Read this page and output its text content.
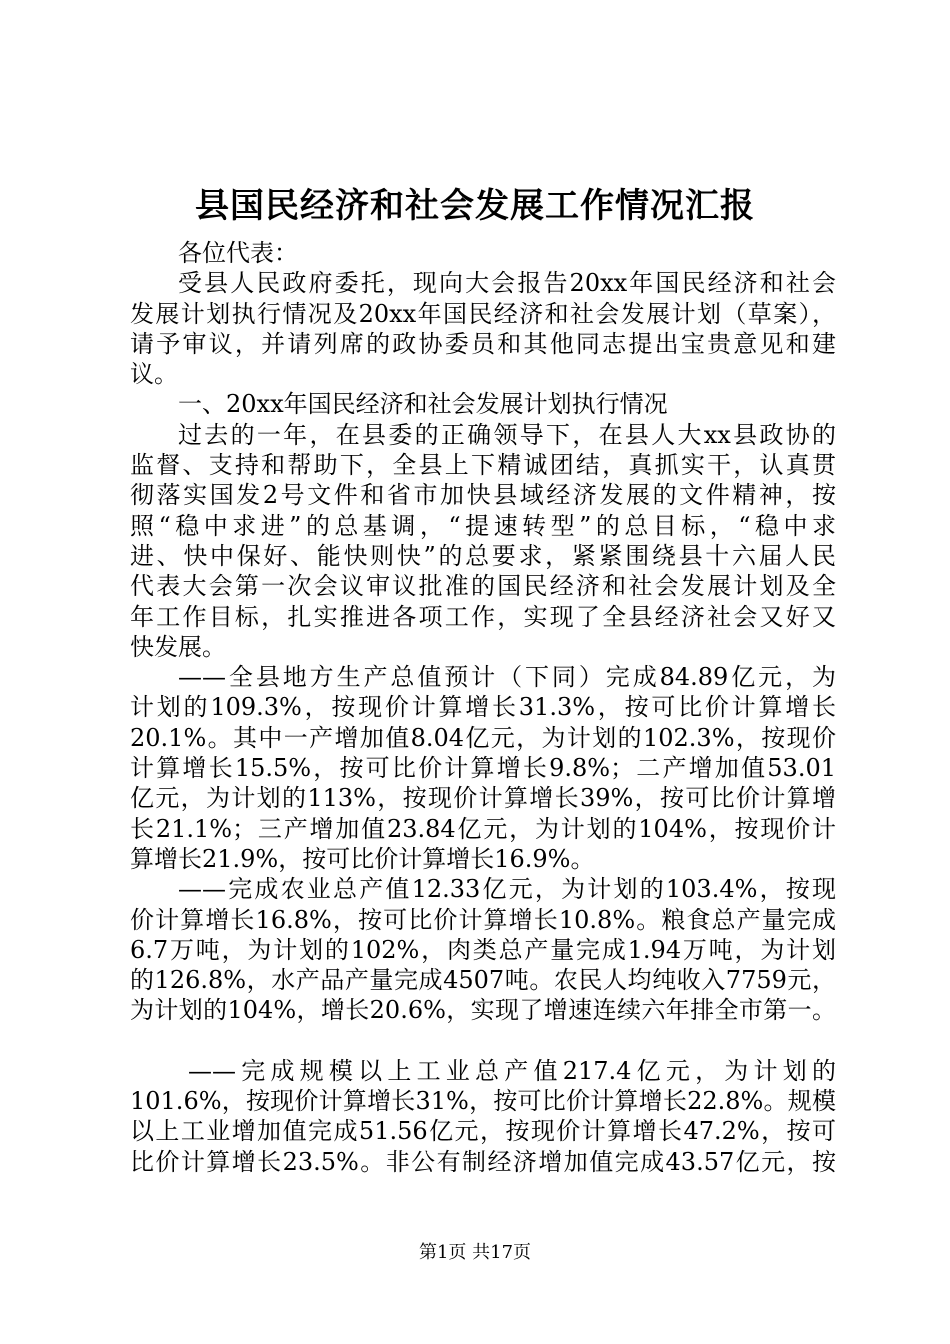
县国民经济和社会发展工作情况汇报
各位代表：
受县人民政府委托，现向大会报告20xx年国民经济和社会
发展计划执行情况及20xx年国民经济和社会发展计划（草案），
请予审议，并请列席的政协委员和其他同志提出宝贵意见和建
议。
一、20xx年国民经济和社会发展计划执行情况
过去的一年，在县委的正确领导下，在县人大xx县政协的
监督、支持和帮助下，全县上下精诚团结，真抓实干，认真贯
彻落实国发2号文件和省市加快县域经济发展的文件精神，按
照“稳中求进”的总基调，“提速转型”的总目标，“稳中求
进、快中保好、能快则快”的总要求，紧紧围绕县十六届人民
代表大会第一次会议审议批准的国民经济和社会发展计划及全
年工作目标，扎实推进各项工作，实现了全县经济社会又好又
快发展。
——全县地方生产总值预计（下同）完成84.89亿元，为
计划的109.3%，按现价计算增长31.3%，按可比价计算增长
20.1%。其中一产增加值8.04亿元，为计划的102.3%，按现价
计算增长15.5%，按可比价计算增长9.8%；二产增加值53.01
亿元，为计划的113%，按现价计算增长39%，按可比价计算增
长21.1%；三产增加值23.84亿元，为计划的104%，按现价计
算增长21.9%，按可比价计算增长16.9%。
——完成农业总产值12.33亿元，为计划的103.4%，按现
价计算增长16.8%，按可比价计算增长10.8%。粮食总产量完成
6.7万吨，为计划的102%，肉类总产量完成1.94万吨，为计划
的126.8%，水产品产量完成4507吨。农民人均纯收入7759元，
为计划的104%，增长20.6%，实现了增速连续六年排全市第一。
——完成规模以上工业总产值217.4亿元，为计划的
101.6%，按现价计算增长31%，按可比价计算增长22.8%。规模
以上工业增加值完成51.56亿元，按现价计算增长47.2%，按可
比价计算增长23.5%。非公有制经济增加值完成43.57亿元，按
第1页 共17页
